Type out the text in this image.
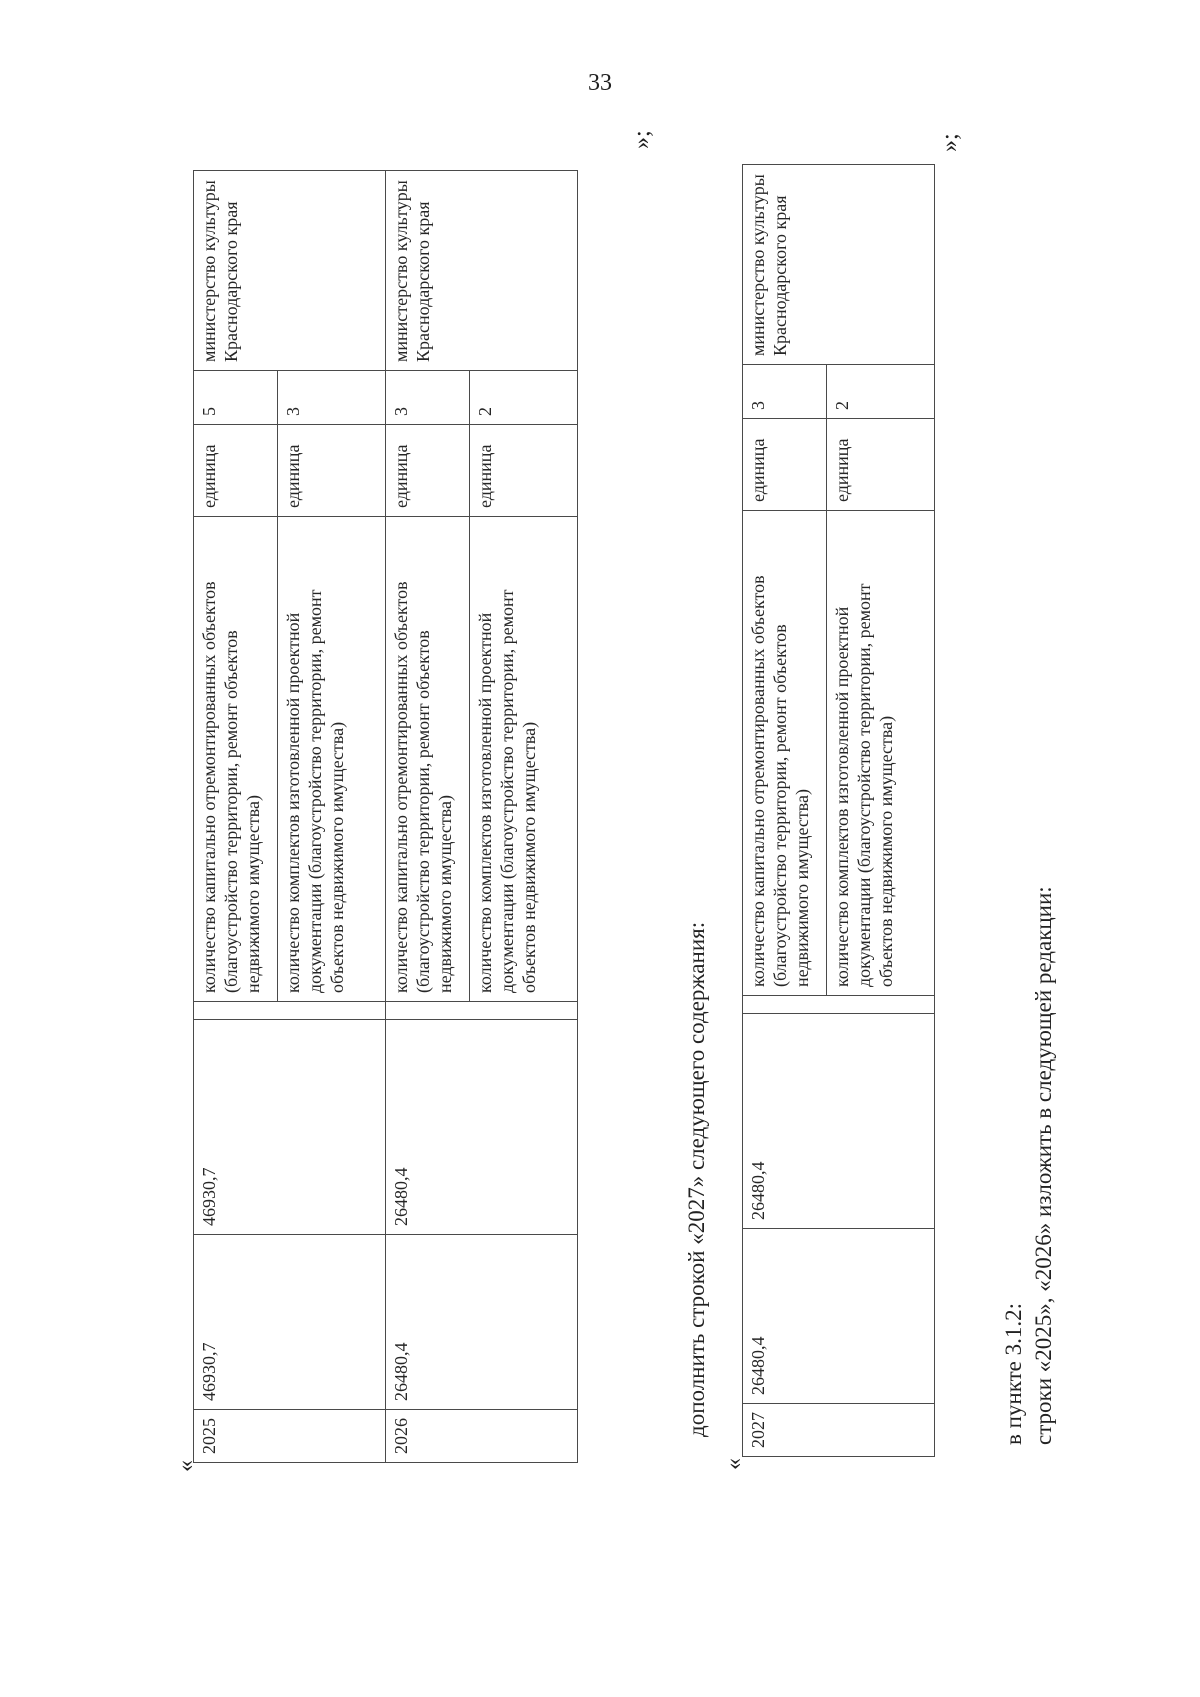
33
«
2025	46930,7	46930,7		количество капитально отремонтированных объектов (благоустройство территории, ремонт объектов недвижимого имущества)	единица	5	министерство культуры Краснодарского края
				количество комплектов изготовленной проектной документации (благоустройство территории, ремонт объектов недвижимого имущества)	единица	3	
2026	26480,4	26480,4		количество капитально отремонтированных объектов (благоустройство территории, ремонт объектов недвижимого имущества)	единица	3	министерство культуры Краснодарского края
				количество комплектов изготовленной проектной документации (благоустройство территории, ремонт объектов недвижимого имущества)	единица	2	
»;
дополнить строкой «2027» следующего содержания:
«
2027	26480,4	26480,4		количество капитально отремонтированных объектов (благоустройство территории, ремонт объектов недвижимого имущества)	единица	3	министерство культуры Краснодарского края
				количество комплектов изготовленной проектной документации (благоустройство территории, ремонт объектов недвижимого имущества)	единица	2	
»;
в пункте 3.1.2: строки «2025», «2026» изложить в следующей редакции:
